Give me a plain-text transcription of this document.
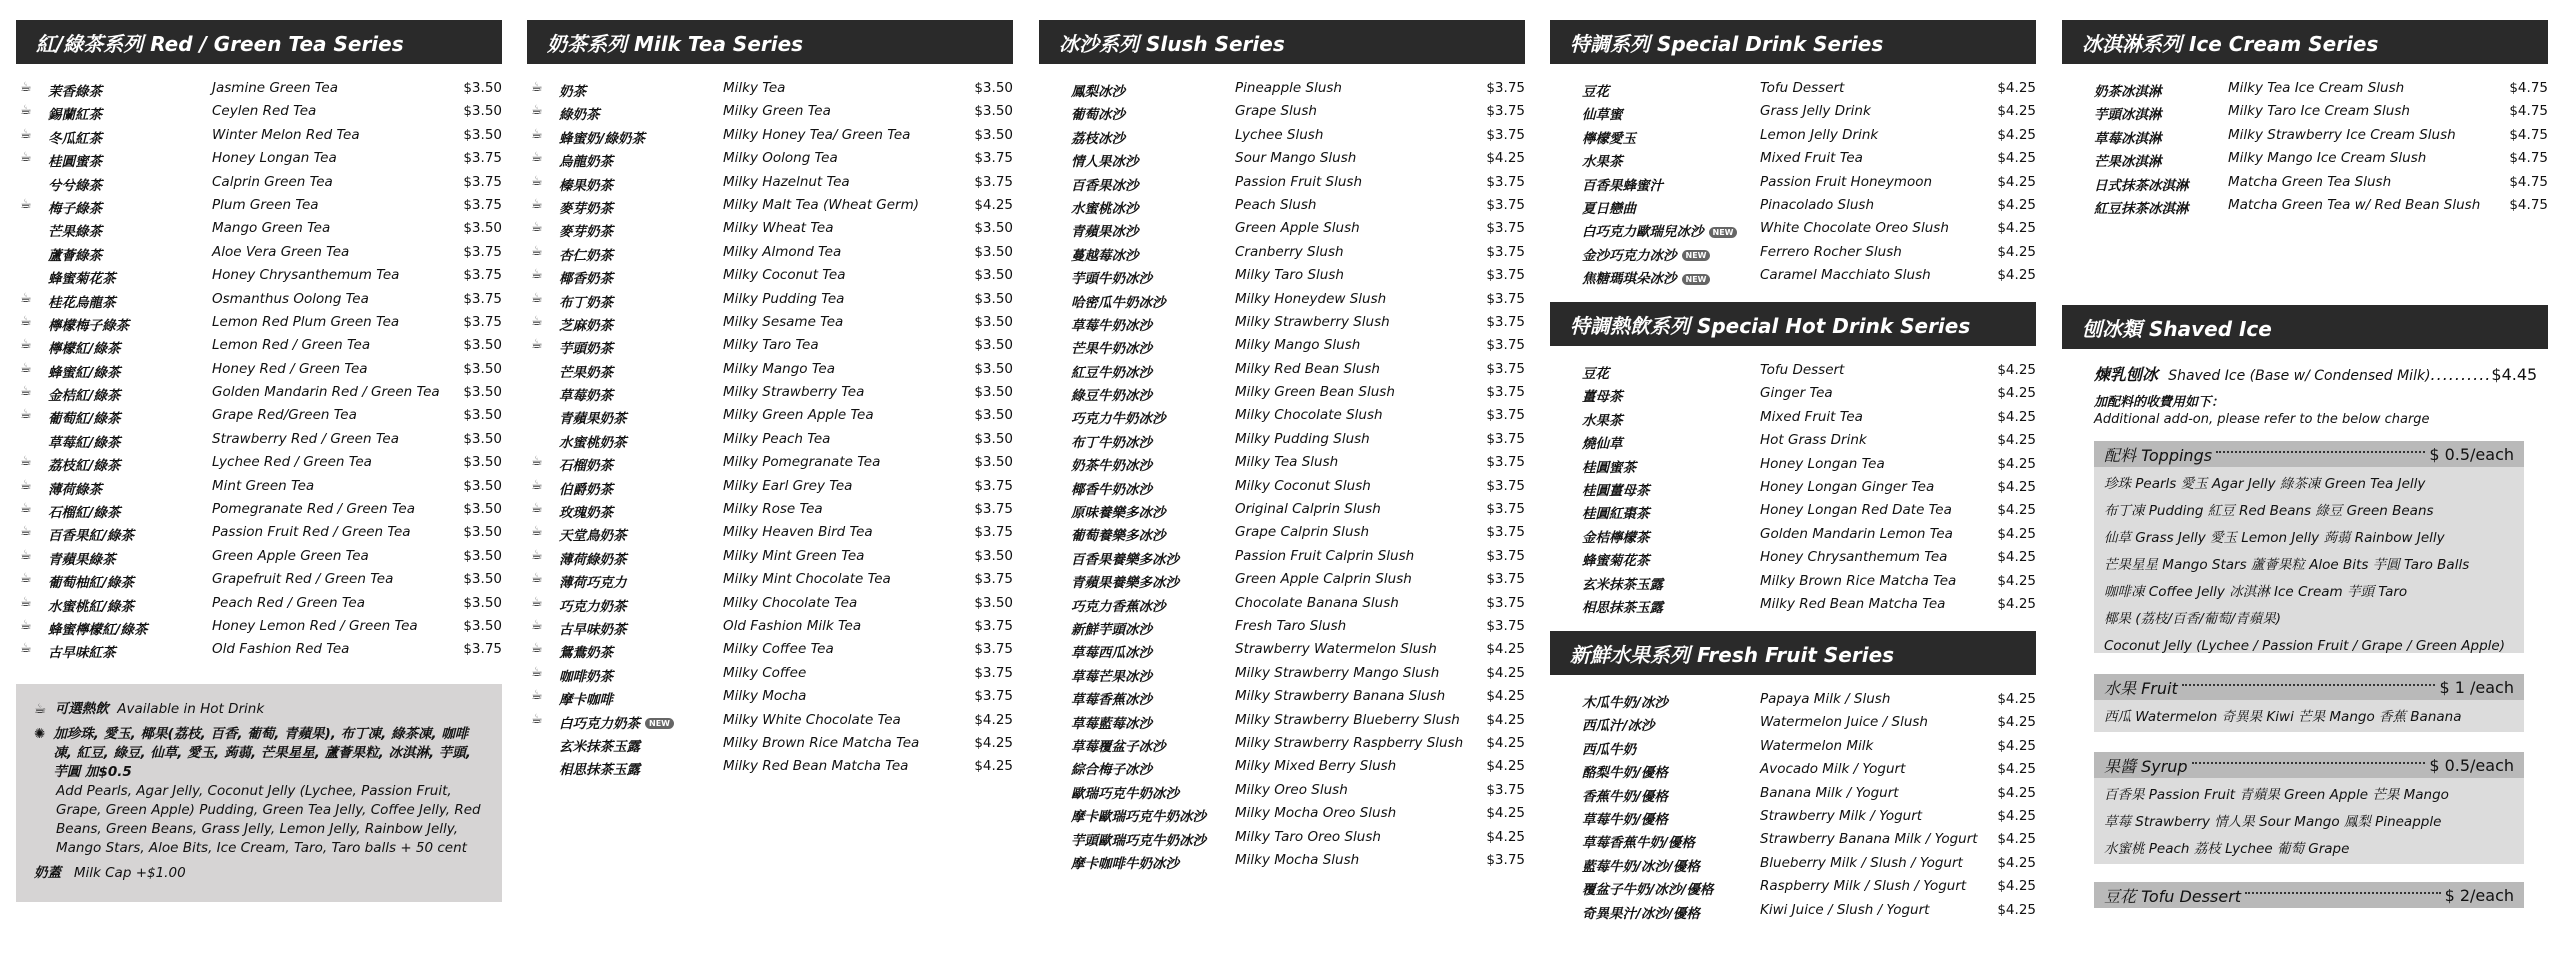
紅/綠茶系列 Red / Green Tea Series
☕ 茉香綠茶	Jasmine Green Tea	$3.50
☕ 錫蘭紅茶	Ceylen Red Tea	$3.50
☕ 冬瓜紅茶	Winter Melon Red Tea	$3.50
☕ 桂圓蜜茶	Honey Longan Tea	$3.75
兮兮綠茶	Calprin Green Tea	$3.75
☕ 梅子綠茶	Plum Green Tea	$3.75
芒果綠茶	Mango Green Tea	$3.50
蘆薈綠茶	Aloe Vera Green Tea	$3.75
蜂蜜菊花茶	Honey Chrysanthemum Tea	$3.75
☕ 桂花烏龍茶	Osmanthus Oolong Tea	$3.75
☕ 檸檬梅子綠茶	Lemon Red Plum Green Tea	$3.75
☕ 檸檬紅/綠茶	Lemon Red / Green Tea	$3.50
☕ 蜂蜜紅/綠茶	Honey Red / Green Tea	$3.50
☕ 金桔紅/綠茶	Golden Mandarin Red / Green Tea $3.50
☕ 葡萄紅/綠茶	Grape Red/Green Tea	$3.50
草莓紅/綠茶	Strawberry Red / Green Tea	$3.50
☕ 荔枝紅/綠茶	Lychee Red / Green Tea	$3.50
☕ 薄荷綠茶	Mint Green Tea	$3.50
☕ 石榴紅/綠茶	Pomegranate Red / Green Tea	$3.50
☕ 百香果紅/綠茶	Passion Fruit Red / Green Tea	$3.50
☕ 青蘋果綠茶	Green Apple Green Tea	$3.50
☕ 葡萄柚紅/綠茶	Grapefruit Red / Green Tea	$3.50
☕ 水蜜桃紅/綠茶	Peach Red / Green Tea	$3.50
☕ 蜂蜜檸檬紅/綠茶	Honey Lemon Red / Green Tea	$3.50
☕ 古早味紅茶	Old Fashion Red Tea	$3.75
☕ 可選熱飲 Available in Hot Drink
✺ 加珍珠, 愛玉, 椰果(荔枝, 百香, 葡萄, 青蘋果), 布丁凍, 綠茶凍, 咖啡凍, 紅豆, 綠豆, 仙草, 愛玉, 蒟蒻, 芒果星星, 蘆薈果粒, 冰淇淋, 芋頭, 芋圓 加$0.5
Add Pearls, Agar Jelly, Coconut Jelly (Lychee, Passion Fruit, Grape, Green Apple) Pudding, Green Tea Jelly, Coffee Jelly, Red Beans, Green Beans, Grass Jelly, Lemon Jelly, Rainbow Jelly, Mango Stars, Aloe Bits, Ice Cream, Taro, Taro balls + 50 cent
奶蓋 Milk Cap +$1.00
奶茶系列 Milk Tea Series
☕ 奶茶	Milky Tea	$3.50
☕ 綠奶茶	Milky Green Tea	$3.50
☕ 蜂蜜奶/綠奶茶	Milky Honey Tea/ Green Tea	$3.50
☕ 烏龍奶茶	Milky Oolong Tea	$3.75
☕ 榛果奶茶	Milky Hazelnut Tea	$3.75
☕ 麥芽奶茶	Milky Malt Tea (Wheat Germ)	$4.25
☕ 麥芽奶茶	Milky Wheat Tea	$3.50
☕ 杏仁奶茶	Milky Almond Tea	$3.50
☕ 椰香奶茶	Milky Coconut Tea	$3.50
☕ 布丁奶茶	Milky Pudding Tea	$3.50
☕ 芝麻奶茶	Milky Sesame Tea	$3.50
☕ 芋頭奶茶	Milky Taro Tea	$3.50
芒果奶茶	Milky Mango Tea	$3.50
草莓奶茶	Milky Strawberry Tea	$3.50
青蘋果奶茶	Milky Green Apple Tea	$3.50
水蜜桃奶茶	Milky Peach Tea	$3.50
☕ 石榴奶茶	Milky Pomegranate Tea	$3.50
☕ 伯爵奶茶	Milky Earl Grey Tea	$3.75
☕ 玫瑰奶茶	Milky Rose Tea	$3.75
☕ 天堂鳥奶茶	Milky Heaven Bird Tea	$3.75
☕ 薄荷綠奶茶	Milky Mint Green Tea	$3.50
☕ 薄荷巧克力	Milky Mint Chocolate Tea	$3.75
☕ 巧克力奶茶	Milky Chocolate Tea	$3.50
☕ 古早味奶茶	Old Fashion Milk Tea	$3.75
☕ 鴛鴦奶茶	Milky Coffee Tea	$3.75
☕ 咖啡奶茶	Milky Coffee	$3.75
☕ 摩卡咖啡	Milky Mocha	$3.75
☕ 白巧克力奶茶 NEW	Milky White Chocolate Tea	$4.25
玄米抹茶玉露	Milky Brown Rice Matcha Tea	$4.25
相思抹茶玉露	Milky Red Bean Matcha Tea	$4.25
冰沙系列 Slush Series
鳳梨冰沙	Pineapple Slush	$3.75
葡萄冰沙	Grape Slush	$3.75
荔枝冰沙	Lychee Slush	$3.75
情人果冰沙	Sour Mango Slush	$4.25
百香果冰沙	Passion Fruit Slush	$3.75
水蜜桃冰沙	Peach Slush	$3.75
青蘋果冰沙	Green Apple Slush	$3.75
蔓越莓冰沙	Cranberry Slush	$3.75
芋頭牛奶冰沙	Milky Taro Slush	$3.75
哈密瓜牛奶冰沙	Milky Honeydew Slush	$3.75
草莓牛奶冰沙	Milky Strawberry Slush	$3.75
芒果牛奶冰沙	Milky Mango Slush	$3.75
紅豆牛奶冰沙	Milky Red Bean Slush	$3.75
綠豆牛奶冰沙	Milky Green Bean Slush	$3.75
巧克力牛奶冰沙	Milky Chocolate Slush	$3.75
布丁牛奶冰沙	Milky Pudding Slush	$3.75
奶茶牛奶冰沙	Milky Tea Slush	$3.75
椰香牛奶冰沙	Milky Coconut Slush	$3.75
原味養樂多冰沙	Original Calprin Slush	$3.75
葡萄養樂多冰沙	Grape Calprin Slush	$3.75
百香果養樂多冰沙	Passion Fruit Calprin Slush	$3.75
青蘋果養樂多冰沙	Green Apple Calprin Slush	$3.75
巧克力香蕉冰沙	Chocolate Banana Slush	$3.75
新鮮芋頭冰沙	Fresh Taro Slush	$3.75
草莓西瓜冰沙	Strawberry Watermelon Slush	$4.25
草莓芒果冰沙	Milky Strawberry Mango Slush	$4.25
草莓香蕉冰沙	Milky Strawberry Banana Slush	$4.25
草莓藍莓冰沙	Milky Strawberry Blueberry Slush $4.25
草莓覆盆子冰沙	Milky Strawberry Raspberry Slush $4.25
綜合梅子冰沙	Milky Mixed Berry Slush	$4.25
歐瑞巧克牛奶冰沙	Milky Oreo Slush	$3.75
摩卡歐瑞巧克牛奶冰沙 Milky Mocha Oreo Slush	$4.25
芋頭歐瑞巧克牛奶冰沙 Milky Taro Oreo Slush	$4.25
摩卡咖啡牛奶冰沙	Milky Mocha Slush	$3.75
特調系列 Special Drink Series
豆花	Tofu Dessert	$4.25
仙草蜜	Grass Jelly Drink	$4.25
檸檬愛玉	Lemon Jelly Drink	$4.25
水果茶	Mixed Fruit Tea	$4.25
百香果蜂蜜汁	Passion Fruit Honeymoon	$4.25
夏日戀曲	Pinacolado Slush	$4.25
白巧克力歐瑞兒冰沙 NEW White Chocolate Oreo Slush	$4.25
金沙巧克力冰沙 NEW	Ferrero Rocher Slush	$4.25
焦糖瑪琪朵冰沙 NEW	Caramel Macchiato Slush	$4.25
特調熱飲系列 Special Hot Drink Series
豆花	Tofu Dessert	$4.25
薑母茶	Ginger Tea	$4.25
水果茶	Mixed Fruit Tea	$4.25
燒仙草	Hot Grass Drink	$4.25
桂圓蜜茶	Honey Longan Tea	$4.25
桂圓薑母茶	Honey Longan Ginger Tea	$4.25
桂圓紅棗茶	Honey Longan Red Date Tea	$4.25
金桔檸檬茶	Golden Mandarin Lemon Tea	$4.25
蜂蜜菊花茶	Honey Chrysanthemum Tea	$4.25
玄米抹茶玉露	Milky Brown Rice Matcha Tea	$4.25
相思抹茶玉露	Milky Red Bean Matcha Tea	$4.25
新鮮水果系列 Fresh Fruit Series
木瓜牛奶/冰沙	Papaya Milk / Slush	$4.25
西瓜汁/冰沙	Watermelon Juice / Slush	$4.25
西瓜牛奶	Watermelon Milk	$4.25
酪梨牛奶/優格	Avocado Milk / Yogurt	$4.25
香蕉牛奶/優格	Banana Milk / Yogurt	$4.25
草莓牛奶/優格	Strawberry Milk / Yogurt	$4.25
草莓香蕉牛奶/優格	Strawberry Banana Milk / Yogurt $4.25
藍莓牛奶/冰沙/優格	Blueberry Milk / Slush / Yogurt	$4.25
覆盆子牛奶/冰沙/優格	Raspberry Milk / Slush / Yogurt $4.25
奇異果汁/冰沙/優格	Kiwi Juice / Slush / Yogurt	$4.25
冰淇淋系列 Ice Cream Series
奶茶冰淇淋	Milky Tea Ice Cream Slush	$4.75
芋頭冰淇淋	Milky Taro Ice Cream Slush	$4.75
草莓冰淇淋	Milky Strawberry Ice Cream Slush	$4.75
芒果冰淇淋	Milky Mango Ice Cream Slush	$4.75
日式抹茶冰淇淋	Matcha Green Tea Slush	$4.75
紅豆抹茶冰淇淋	Matcha Green Tea w/ Red Bean Slush $4.75
刨冰類 Shaved Ice
煉乳刨冰 Shaved Ice (Base w/ Condensed Milk)..........$4.45
加配料的收費用如下：
Additional add-on, please refer to the below charge
配料 Toppings	$ 0.5/each
珍珠 Pearls 愛玉 Agar Jelly 綠茶凍 Green Tea Jelly
布丁凍 Pudding 紅豆 Red Beans 綠豆 Green Beans
仙草 Grass Jelly 愛玉 Lemon Jelly 蒟蒻 Rainbow Jelly
芒果星星 Mango Stars 蘆薈果粒 Aloe Bits 芋圓 Taro Balls
咖啡凍 Coffee Jelly 冰淇淋 Ice Cream 芋頭 Taro
椰果 (荔枝/百香/葡萄/青蘋果)
Coconut Jelly (Lychee / Passion Fruit / Grape / Green Apple)
水果 Fruit	$ 1 /each
西瓜 Watermelon 奇異果 Kiwi 芒果 Mango 香蕉 Banana
果醬 Syrup	$ 0.5/each
百香果 Passion Fruit 青蘋果 Green Apple 芒果 Mango
草莓 Strawberry 情人果 Sour Mango 鳳梨 Pineapple
水蜜桃 Peach 荔枝 Lychee 葡萄 Grape
豆花 Tofu Dessert	$ 2/each
